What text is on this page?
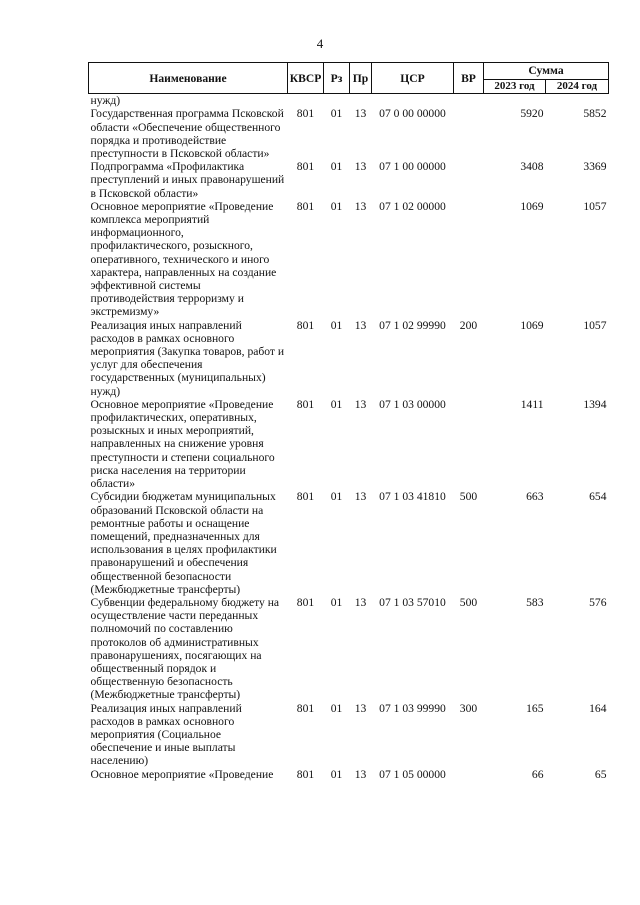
4
Наименование	КВСР	Рз	Пр	ЦСР	ВР	Сумма	
						2023 год	2024 год
нужд)							
Государственная программа Псковской области «Обеспечение общественного порядка и противодействие преступности в Псковской области»	801	01	13	07 0 00 00000		5920	5852
Подпрограмма «Профилактика преступлений и иных правонарушений в Псковской области»	801	01	13	07 1 00 00000		3408	3369
Основное мероприятие «Проведение комплекса мероприятий информационного, профилактического, розыскного, оперативного, технического и иного характера, направленных на создание эффективной системы противодействия терроризму и экстремизму»	801	01	13	07 1 02 00000		1069	1057
Реализация иных направлений расходов в рамках основного мероприятия (Закупка товаров, работ и услуг для обеспечения государственных (муниципальных) нужд)	801	01	13	07 1 02 99990	200	1069	1057
Основное мероприятие «Проведение профилактических, оперативных, розыскных и иных мероприятий, направленных на снижение уровня преступности и степени социального риска населения на территории области»	801	01	13	07 1 03 00000		1411	1394
Субсидии бюджетам муниципальных образований Псковской области на ремонтные работы и оснащение помещений, предназначенных для использования в целях профилактики правонарушений и обеспечения общественной безопасности (Межбюджетные трансферты)	801	01	13	07 1 03 41810	500	663	654
Субвенции федеральному бюджету на осуществление части переданных полномочий по составлению протоколов об административных правонарушениях, посягающих на общественный порядок и общественную безопасность (Межбюджетные трансферты)	801	01	13	07 1 03 57010	500	583	576
Реализация иных направлений расходов в рамках основного мероприятия (Социальное обеспечение и иные выплаты населению)	801	01	13	07 1 03 99990	300	165	164
Основное мероприятие «Проведение	801	01	13	07 1 05 00000		66	65
